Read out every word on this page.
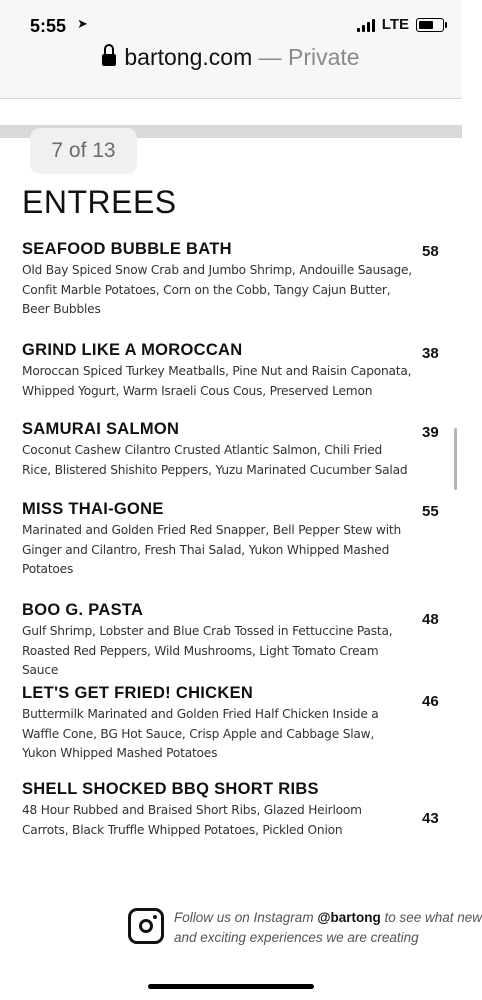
5:55 ➤	LTE
bartong.com — Private
7 of 13
ENTREES
SEAFOOD BUBBLE BATH
Old Bay Spiced Snow Crab and Jumbo Shrimp, Andouille Sausage,
Confit Marble Potatoes, Corn on the Cobb, Tangy Cajun Butter,
Beer Bubbles
GRIND LIKE A MOROCCAN
Moroccan Spiced Turkey Meatballs, Pine Nut and Raisin Caponata,
Whipped Yogurt, Warm Israeli Cous Cous, Preserved Lemon
SAMURAI SALMON
Coconut Cashew Cilantro Crusted Atlantic Salmon, Chili Fried
Rice, Blistered Shishito Peppers, Yuzu Marinated Cucumber Salad
MISS THAI-GONE
Marinated and Golden Fried Red Snapper, Bell Pepper Stew with
Ginger and Cilantro, Fresh Thai Salad, Yukon Whipped Mashed
Potatoes
BOO G. PASTA
Gulf Shrimp, Lobster and Blue Crab Tossed in Fettuccine Pasta,
Roasted Red Peppers, Wild Mushrooms, Light Tomato Cream Sauce
LET'S GET FRIED! CHICKEN
Buttermilk Marinated and Golden Fried Half Chicken Inside a
Waffle Cone, BG Hot Sauce, Crisp Apple and Cabbage Slaw,
Yukon Whipped Mashed Potatoes
SHELL SHOCKED BBQ SHORT RIBS
48 Hour Rubbed and Braised Short Ribs, Glazed Heirloom
Carrots, Black Truffle Whipped Potatoes, Pickled Onion
Follow us on Instagram @bartong to see what new
and exciting experiences we are creating
58
38
39
55
48
46
43
